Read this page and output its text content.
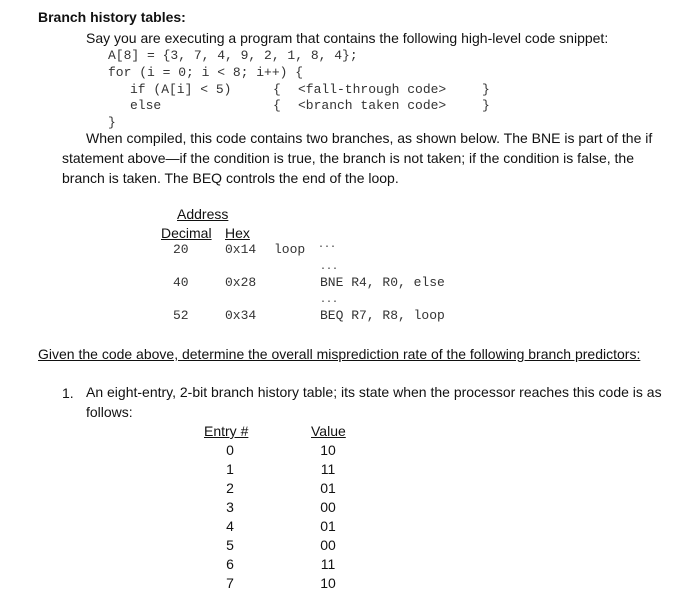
Branch history tables:
Say you are executing a program that contains the following high-level code snippet:
A[8] = {3, 7, 4, 9, 2, 1, 8, 4};
for (i = 0; i < 8; i++) {
if (A[i] < 5)	{ <fall-through code>	}
else	{ <branch taken code>	}
}
When compiled, this code contains two branches, as shown below. The BNE is part of the if statement above—if the condition is true, the branch is not taken; if the condition is false, the branch is taken. The BEQ controls the end of the loop.
Address
Decimal Hex
20	0x14 loop ...
...
40	0x28	BNE R4, R0, else
...
52	0x34	BEQ R7, R8, loop
Given the code above, determine the overall misprediction rate of the following branch predictors:
1. An eight-entry, 2-bit branch history table; its state when the processor reaches this code is as follows:
Entry #	Value
0	10
1	11
2	01
3	00
4	01
5	00
6	11
7	10
